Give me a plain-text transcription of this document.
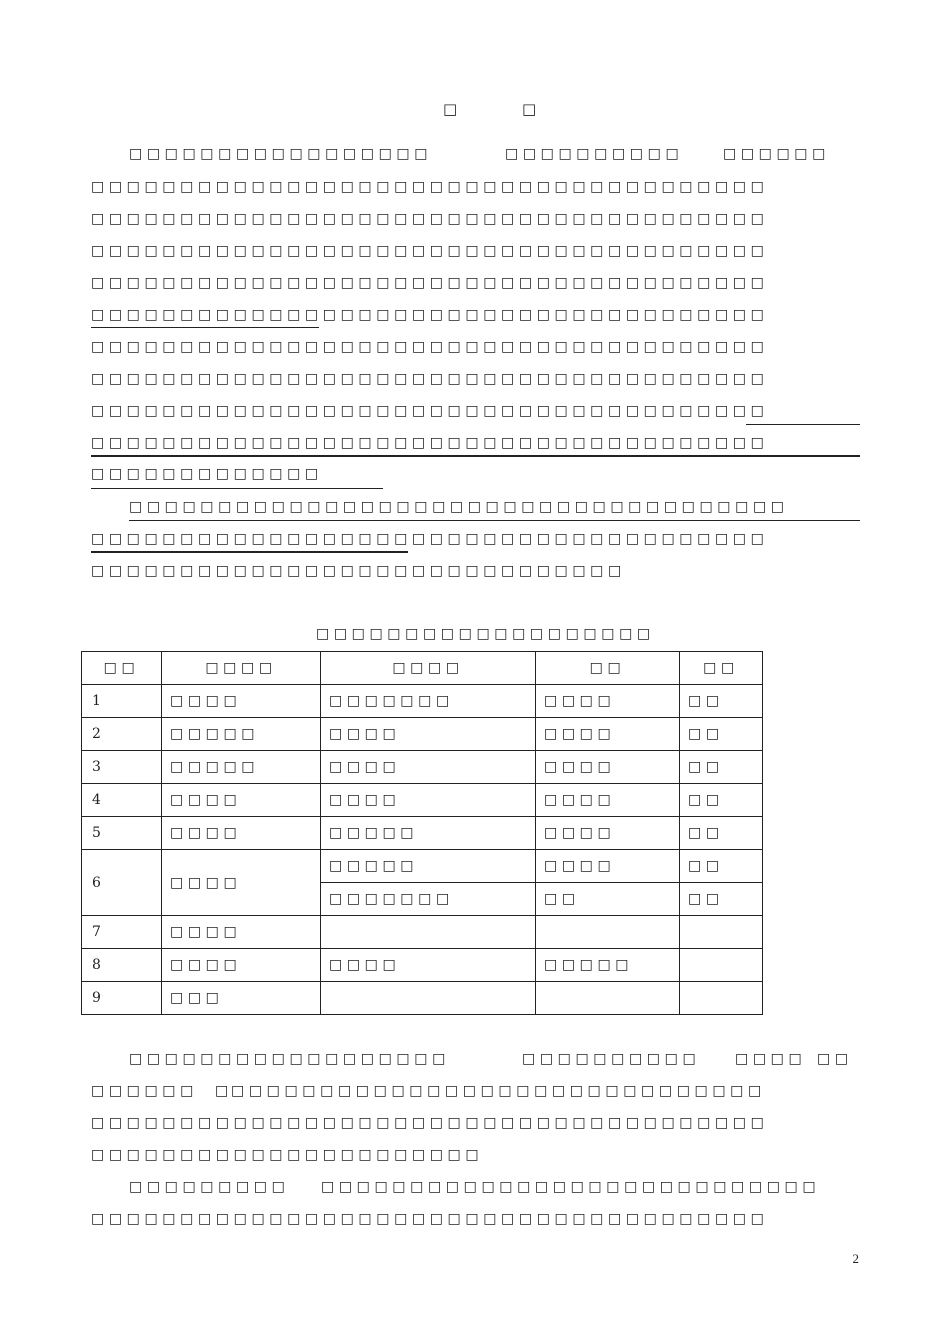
□	□
□□□□□□□□□□□□□□□□□	□□□□□□□□□□	□□□□□□
□□□□□□□□□□□□□□□□□□□□□□□□□□□□□□□□□□□□□□
□□□□□□□□□□□□□□□□□□□□□□□□□□□□□□□□□□□□□□
□□□□□□□□□□□□□□□□□□□□□□□□□□□□□□□□□□□□□□
□□□□□□□□□□□□□□□□□□□□□□□□□□□□□□□□□□□□□□
□□□□□□□□□□□□□□□□□□□□□□□□□□□□□□□□□□□□□□
□□□□□□□□□□□□□□□□□□□□□□□□□□□□□□□□□□□□□□
□□□□□□□□□□□□□□□□□□□□□□□□□□□□□□□□□□□□□□
□□□□□□□□□□□□□□□□□□□□□□□□□□□□□□□□□□□□□□
□□□□□□□□□□□□□□□□□□□□□□□□□□□□□□□□□□□□□□
□□□□□□□□□□□□□
□□□□□□□□□□□□□□□□□□□□□□□□□□□□□□□□□□□□□
□□□□□□□□□□□□□□□□□□□□□□□□□□□□□□□□□□□□□□
□□□□□□□□□□□□□□□□□□□□□□□□□□□□□□
□□□□□□□□□□□□□□□□□□□
□□	□□□□	□□□□	□□	□□
1	□□□□	□□□□□□□	□□□□	□□
2	□□□□□	□□□□	□□□□	□□
3	□□□□□	□□□□	□□□□	□□
4	□□□□	□□□□	□□□□	□□
5	□□□□	□□□□□	□□□□	□□
6	□□□□	□□□□□	□□□□	□□
		□□□□□□□	□□	□□
7	□□□□			
8	□□□□	□□□□	□□□□□	
9	□□□			
□□□□□□□□□□□□□□□□□□	□□□□□□□□□□ □□□□ □□
□□□□□□ □
□□□□□□□□□□□□□□□□□□□□□□□□□□□□□□
□□□□□□□□□□□□□□□□□□□□□□□□□□□□□□□□□□□□□□
□□□□□□□□□□□□□□□□□□□□□□
□□□□□□□□□ □□□□□□□□□□□□□□□□□□□□□□□□□□□□
□□□□□□□□□□□□□□□□□□□□□□□□□□□□□□□□□□□□□□
2
